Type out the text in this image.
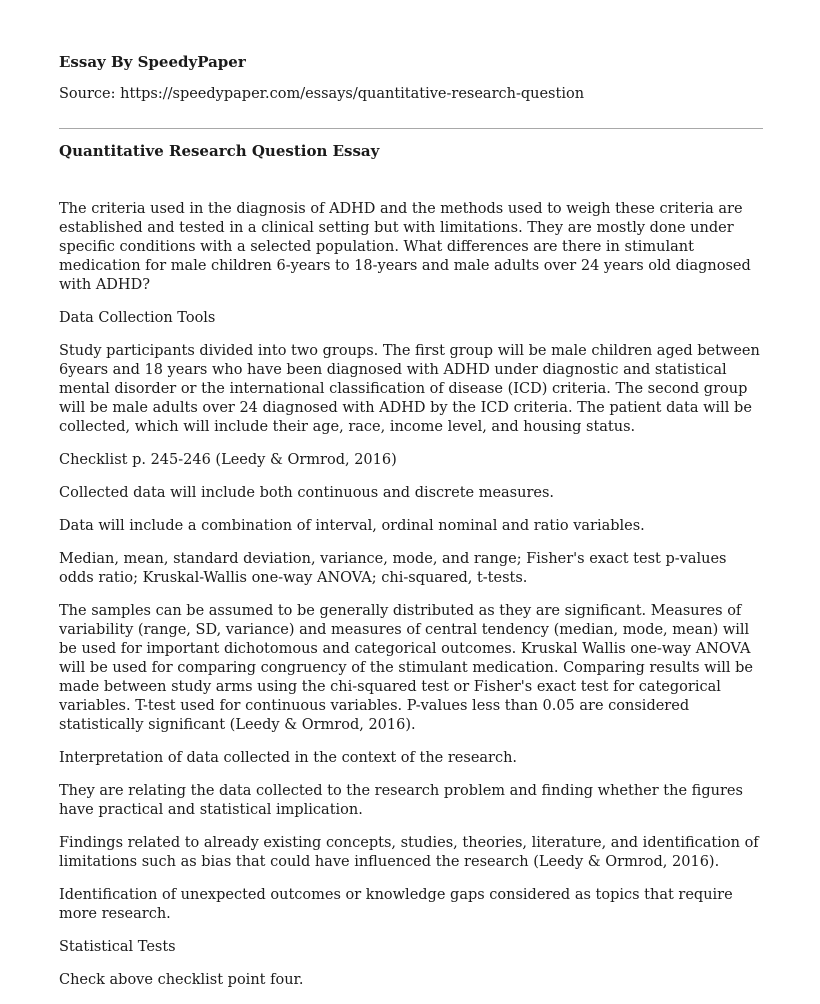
Essay By SpeedyPaper

Source: https://speedypaper.com/essays/quantitative-research-question

Quantitative Research Question Essay

The criteria used in the diagnosis of ADHD and the methods used to weigh these criteria are established and tested in a clinical setting but with limitations. They are mostly done under specific conditions with a selected population. What differences are there in stimulant medication for male children 6-years to 18-years and male adults over 24 years old diagnosed with ADHD?

Data Collection Tools

Study participants divided into two groups. The first group will be male children aged between 6years and 18 years who have been diagnosed with ADHD under diagnostic and statistical mental disorder or the international classification of disease (ICD) criteria. The second group will be male adults over 24 diagnosed with ADHD by the ICD criteria. The patient data will be collected, which will include their age, race, income level, and housing status.

Checklist p. 245-246 (Leedy & Ormrod, 2016)

Collected data will include both continuous and discrete measures.

Data will include a combination of interval, ordinal nominal and ratio variables.

Median, mean, standard deviation, variance, mode, and range; Fisher's exact test p-values odds ratio; Kruskal-Wallis one-way ANOVA; chi-squared, t-tests.

The samples can be assumed to be generally distributed as they are significant. Measures of variability (range, SD, variance) and measures of central tendency (median, mode, mean) will be used for important dichotomous and categorical outcomes. Kruskal Wallis one-way ANOVA will be used for comparing congruency of the stimulant medication. Comparing results will be made between study arms using the chi-squared test or Fisher's exact test for categorical variables. T-test used for continuous variables. P-values less than 0.05 are considered statistically significant (Leedy & Ormrod, 2016).

Interpretation of data collected in the context of the research.

They are relating the data collected to the research problem and finding whether the figures have practical and statistical implication.

Findings related to already existing concepts, studies, theories, literature, and identification of limitations such as bias that could have influenced the research (Leedy & Ormrod, 2016).

Identification of unexpected outcomes or knowledge gaps considered as topics that require more research.

Statistical Tests

Check above checklist point four.
